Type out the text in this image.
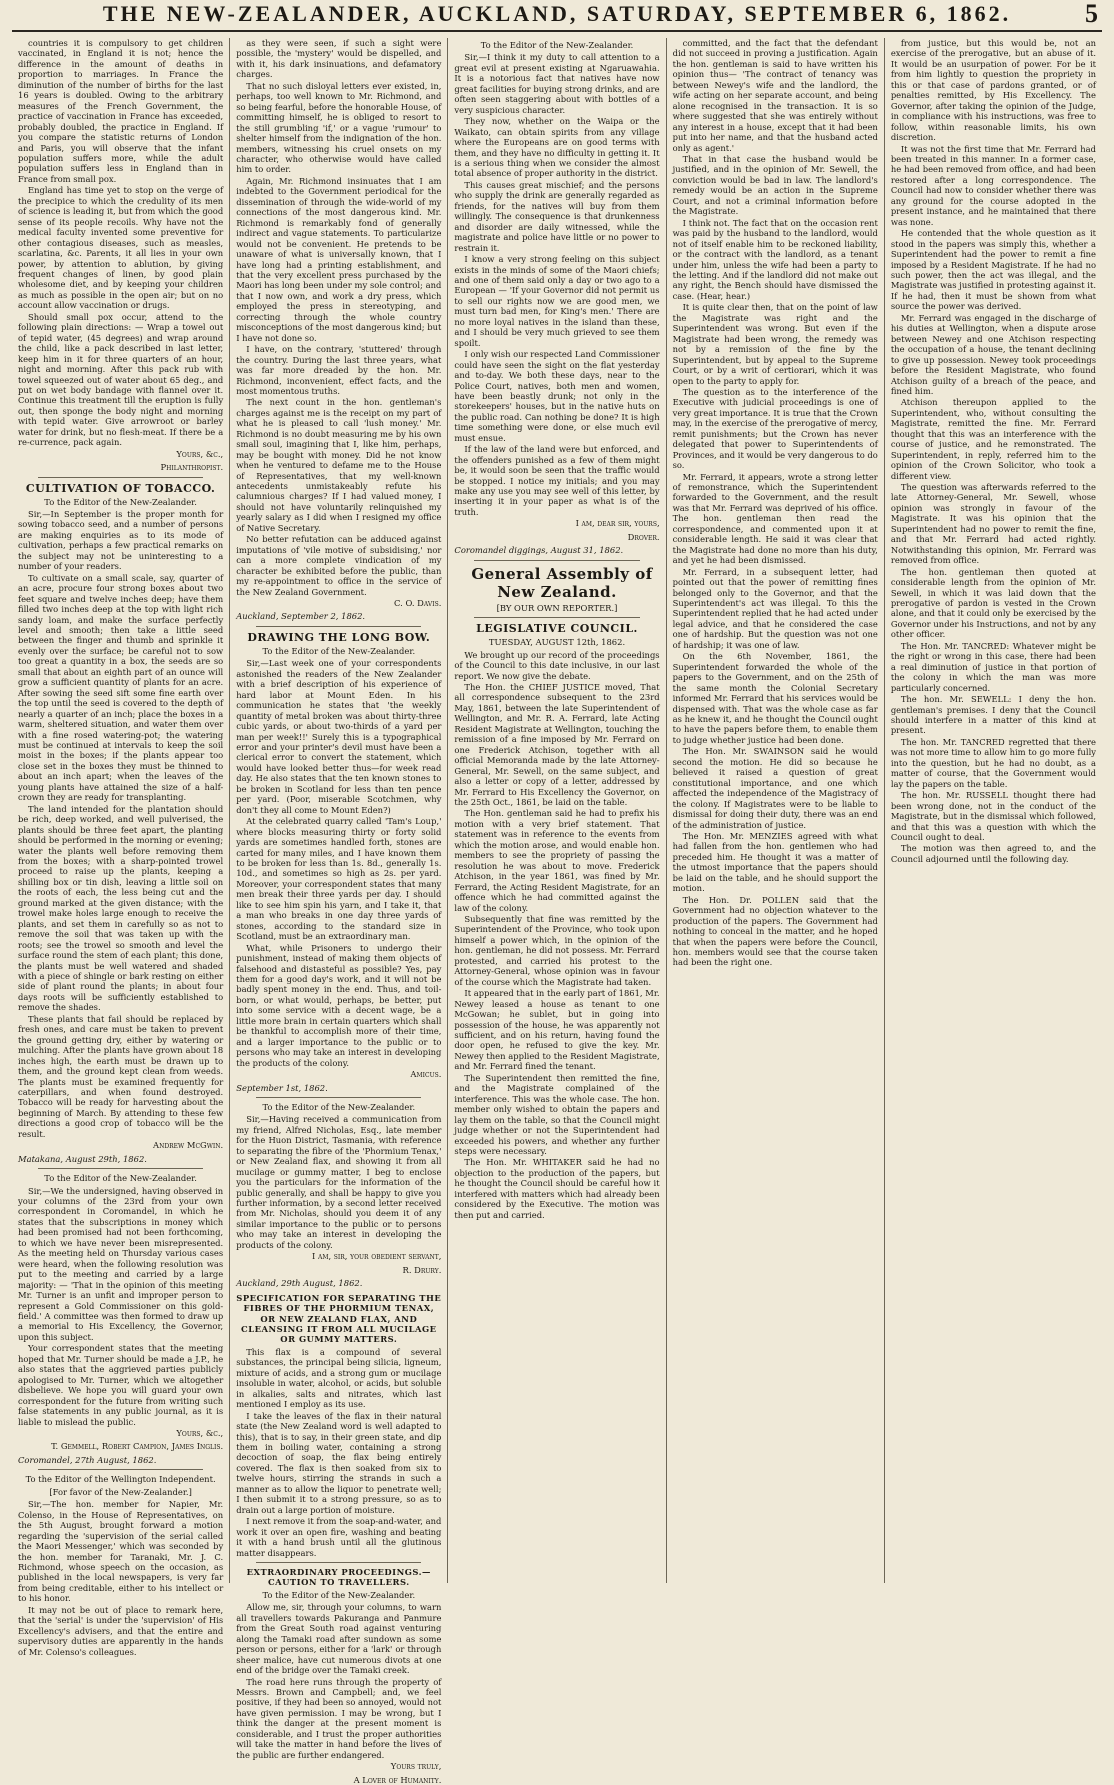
THE NEW-ZEALANDER, AUCKLAND, SATURDAY, SEPTEMBER 6, 1862.	5

countries it is compulsory to get children vaccinated, in England it is not; hence the difference in the amount of deaths in proportion to marriages. In France the diminution of the number of births for the last 16 years is doubled. Owing to the arbitrary measures of the French Government, the practice of vaccination in France has exceeded, probably doubled, the practice in England. If you compare the statistic returns of London and Paris, you will observe that the infant population suffers more, while the adult population suffers less in England than in France from small pox.

England has time yet to stop on the verge of the precipice to which the credulity of its men of science is leading it, but from which the good sense of its people recoils. Why have not the medical faculty invented some preventive for other contagious diseases, such as measles, scarlatina, &c. Parents, it all lies in your own power, by attention to ablution, by giving frequent changes of linen, by good plain wholesome diet, and by keeping your children as much as possible in the open air; but on no account allow vaccination or drugs.

Should small pox occur, attend to the following plain directions: — Wrap a towel out of tepid water, (45 degrees) and wrap around the child, like a pack described in last letter, keep him in it for three quarters of an hour, night and morning. After this pack rub with towel squeezed out of water about 65 deg., and put on wet body bandage with flannel over it. Continue this treatment till the eruption is fully out, then sponge the body night and morning with tepid water. Give arrowroot or barley water for drink, but no flesh-meat. If there be a re-currence, pack again.

Yours, &c.,

Philanthropist.

CULTIVATION OF TOBACCO.

To the Editor of the New-Zealander.

Sir,—In September is the proper month for sowing tobacco seed, and a number of persons are making enquiries as to its mode of cultivation, perhaps a few practical remarks on the subject may not be uninteresting to a number of your readers.

To cultivate on a small scale, say, quarter of an acre, procure four strong boxes about two feet square and twelve inches deep; have them filled two inches deep at the top with light rich sandy loam, and make the surface perfectly level and smooth; then take a little seed between the finger and thumb and sprinkle it evenly over the surface; be careful not to sow too great a quantity in a box, the seeds are so small that about an eighth part of an ounce will grow a sufficient quantity of plants for an acre. After sowing the seed sift some fine earth over the top until the seed is covered to the depth of nearly a quarter of an inch; place the boxes in a warm, sheltered situation, and water them over with a fine rosed watering-pot; the watering must be continued at intervals to keep the soil moist in the boxes; if the plants appear too close set in the boxes they must be thinned to about an inch apart; when the leaves of the young plants have attained the size of a half-crown they are ready for transplanting.

The land intended for the plantation should be rich, deep worked, and well pulverised, the plants should be three feet apart, the planting should be performed in the morning or evening; water the plants well before removing them from the boxes; with a sharp-pointed trowel proceed to raise up the plants, keeping a shilling box or tin dish, leaving a little soil on the roots of each, the less being cut and the ground marked at the given distance; with the trowel make holes large enough to receive the plants, and set them in carefully so as not to remove the soil that was taken up with the roots; see the trowel so smooth and level the surface round the stem of each plant; this done, the plants must be well watered and shaded with a piece of shingle or bark resting on either side of plant round the plants; in about four days roots will be sufficiently established to remove the shades.

These plants that fail should be replaced by fresh ones, and care must be taken to prevent the ground getting dry, either by watering or mulching. After the plants have grown about 18 inches high, the earth must be drawn up to them, and the ground kept clean from weeds. The plants must be examined frequently for caterpillars, and when found destroyed. Tobacco will be ready for harvesting about the beginning of March. By attending to these few directions a good crop of tobacco will be the result.

Andrew McGwin.

Matakana, August 29th, 1862.

To the Editor of the New-Zealander.

Sir,—We the undersigned, having observed in your columns of the 23rd from your own correspondent in Coromandel, in which he states that the subscriptions in money which had been promised had not been forthcoming, to which we have never been misrepresented. As the meeting held on Thursday various cases were heard, when the following resolution was put to the meeting and carried by a large majority: — 'That in the opinion of this meeting Mr. Turner is an unfit and improper person to represent a Gold Commissioner on this gold-field.' A committee was then formed to draw up a memorial to His Excellency, the Governor, upon this subject.

Your correspondent states that the meeting hoped that Mr. Turner should be made a J.P., he also states that the aggrieved parties publicly apologised to Mr. Turner, which we altogether disbelieve. We hope you will guard your own correspondent for the future from writing such false statements in any public journal, as it is liable to mislead the public.

Yours, &c.,

T. Gemmell, Robert Campion, James Inglis.

Coromandel, 27th August, 1862.

To the Editor of the Wellington Independent.

[For favor of the New-Zealander.]

Sir,—The hon. member for Napier, Mr. Colenso, in the House of Representatives, on the 5th August, brought forward a motion regarding the 'supervision of the serial called the Maori Messenger,' which was seconded by the hon. member for Taranaki, Mr. J. C. Richmond, whose speech on the occasion, as published in the local newspapers, is very far from being creditable, either to his intellect or to his honor.

It may not be out of place to remark here, that the 'serial' is under the 'supervision' of His Excellency's advisers, and that the entire and supervisory duties are apparently in the hands of Mr. Colenso's colleagues.

as they were seen, if such a sight were possible, the 'mystery' would be dispelled, and with it, his dark insinuations, and defamatory charges.

That no such disloyal letters ever existed, in, perhaps, too well known to Mr. Richmond, and so being fearful, before the honorable House, of committing himself, he is obliged to resort to the still grumbling 'if,' or a vague 'rumour' to shelter himself from the indignation of the hon. members, witnessing his cruel onsets on my character, who otherwise would have called him to order.

Again, Mr. Richmond insinuates that I am indebted to the Government periodical for the dissemination of through the wide-world of my connections of the most dangerous kind. Mr. Richmond is remarkably fond of generally indirect and vague statements. To particularize would not be convenient. He pretends to be unaware of what is universally known, that I have long had a printing establishment, and that the very excellent press purchased by the Maori has long been under my sole control; and that I now own, and work a dry press, which employed the press in stereotyping, and correcting through the whole country misconceptions of the most dangerous kind; but I have not done so.

I have, on the contrary, 'stuttered' through the country. During the last three years, what was far more dreaded by the hon. Mr. Richmond, inconvenient, effect facts, and the most momentous truths.

The next count in the hon. gentleman's charges against me is the receipt on my part of what he is pleased to call 'lush money.' Mr. Richmond is no doubt measuring me by his own small soul, imagining that I, like him, perhaps, may be bought with money. Did he not know when he ventured to defame me to the House of Representatives, that my well-known antecedents unmistakeably refute his calumnious charges? If I had valued money, I should not have voluntarily relinquished my yearly salary as I did when I resigned my office of Native Secretary.

No better refutation can be adduced against imputations of 'vile motive of subsidising,' nor can a more complete vindication of my character be exhibited before the public, than my re-appointment to office in the service of the New Zealand Government.

C. O. Davis.

Auckland, September 2, 1862.

DRAWING THE LONG BOW.

To the Editor of the New-Zealander.

Sir,—Last week one of your correspondents astonished the readers of the New Zealander with a brief description of his experience of hard labor at Mount Eden. In his communication he states that 'the weekly quantity of metal broken was about thirty-three cubic yards, or about two-thirds of a yard per man per week!!' Surely this is a typographical error and your printer's devil must have been a clerical error to convert the statement, which would have looked better thus—for week read day. He also states that the ten known stones to be broken in Scotland for less than ten pence per yard. (Poor, miserable Scotchmen, why don't they all come to Mount Eden?)

At the celebrated quarry called 'Tam's Loup,' where blocks measuring thirty or forty solid yards are sometimes handled forth, stones are carted for many miles, and I have known them to be broken for less than 1s. 8d., generally 1s. 10d., and sometimes so high as 2s. per yard. Moreover, your correspondent states that many men break their three yards per day. I should like to see him spin his yarn, and I take it, that a man who breaks in one day three yards of stones, according to the standard size in Scotland, must be an extraordinary man.

What, while Prisoners to undergo their punishment, instead of making them objects of falsehood and distasteful as possible? Yes, pay them for a good day's work, and it will not be badly spent money in the end. Thus, and toil-born, or what would, perhaps, be better, put into some service with a decent wage, be a little more brain in certain quarters which shall be thankful to accomplish more of their time, and a larger importance to the public or to persons who may take an interest in developing the products of the colony.

Amicus.

September 1st, 1862.

To the Editor of the New-Zealander.

Sir,—Having received a communication from my friend, Alfred Nicholas, Esq., late member for the Huon District, Tasmania, with reference to separating the fibre of the 'Phormium Tenax,' or New Zealand flax, and showing it from all mucilage or gummy matter, I beg to enclose you the particulars for the information of the public generally, and shall be happy to give you further information, by a second letter received from Mr. Nicholas, should you deem it of any similar importance to the public or to persons who may take an interest in developing the products of the colony.

I am, sir, your obedient servant,

R. Drury.

Auckland, 29th August, 1862.

SPECIFICATION FOR SEPARATING THE FIBRES OF THE PHORMIUM TENAX, OR NEW ZEALAND FLAX, AND CLEANSING IT FROM ALL MUCILAGE OR GUMMY MATTERS.

This flax is a compound of several substances, the principal being silicia, ligneum, mixture of acids, and a strong gum or mucilage insoluble in water, alcohol, or acids, but soluble in alkalies, salts and nitrates, which last mentioned I employ as its use.

I take the leaves of the flax in their natural state (the New Zealand word is well adapted to this), that is to say, in their green state, and dip them in boiling water, containing a strong decoction of soap, the flax being entirely covered. The flax is then soaked from six to twelve hours, stirring the strands in such a manner as to allow the liquor to penetrate well; I then submit it to a strong pressure, so as to drain out a large portion of moisture.

I next remove it from the soap-and-water, and work it over an open fire, washing and beating it with a hand brush until all the glutinous matter disappears.

EXTRAORDINARY PROCEEDINGS.—CAUTION TO TRAVELLERS.

To the Editor of the New-Zealander.

Allow me, sir, through your columns, to warn all travellers towards Pakuranga and Panmure from the Great South road against venturing along the Tamaki road after sundown as some person or persons, either for a 'lark' or through sheer malice, have cut numerous divots at one end of the bridge over the Tamaki creek.

The road here runs through the property of Messrs. Brown and Campbell; and, we feel positive, if they had been so annoyed, would not have given permission. I may be wrong, but I think the danger at the present moment is considerable, and I trust the proper authorities will take the matter in hand before the lives of the public are further endangered.

Yours truly,

A Lover of Humanity.

To the Editor of the New-Zealander.

Sir,—I think it my duty to call attention to a great evil at present existing at Ngaruawahia. It is a notorious fact that natives have now great facilities for buying strong drinks, and are often seen staggering about with bottles of a very suspicious character.

They now, whether on the Waipa or the Waikato, can obtain spirits from any village where the Europeans are on good terms with them, and they have no difficulty in getting it. It is a serious thing when we consider the almost total absence of proper authority in the district.

This causes great mischief; and the persons who supply the drink are generally regarded as friends, for the natives will buy from them willingly. The consequence is that drunkenness and disorder are daily witnessed, while the magistrate and police have little or no power to restrain it.

I know a very strong feeling on this subject exists in the minds of some of the Maori chiefs; and one of them said only a day or two ago to a European — 'If your Governor did not permit us to sell our rights now we are good men, we must turn bad men, for King's men.' There are no more loyal natives in the island than these, and I should be very much grieved to see them spoilt.

I only wish our respected Land Commissioner could have seen the sight on the flat yesterday and to-day. We both these days, near to the Police Court, natives, both men and women, have been beastly drunk; not only in the storekeepers' houses, but in the native huts on the public road. Can nothing be done? It is high time something were done, or else much evil must ensue.

If the law of the land were but enforced, and the offenders punished as a few of them might be, it would soon be seen that the traffic would be stopped. I notice my initials; and you may make any use you may see well of this letter, by inserting it in your paper as what is of the truth.

I am, dear sir, yours,

Drover.

Coromandel diggings, August 31, 1862.

General Assembly of New Zealand.

[BY OUR OWN REPORTER.]

LEGISLATIVE COUNCIL.

TUESDAY, AUGUST 12th, 1862.

We brought up our record of the proceedings of the Council to this date inclusive, in our last report. We now give the debate.

The Hon. the CHIEF JUSTICE moved, That all correspondence subsequent to the 23rd May, 1861, between the late Superintendent of Wellington, and Mr. R. A. Ferrard, late Acting Resident Magistrate at Wellington, touching the remission of a fine imposed by Mr. Ferrard on one Frederick Atchison, together with all official Memoranda made by the late Attorney-General, Mr. Sewell, on the same subject, and also a letter or copy of a letter, addressed by Mr. Ferrard to His Excellency the Governor, on the 25th Oct., 1861, be laid on the table.

The Hon. gentleman said he had to prefix his motion with a very brief statement. That statement was in reference to the events from which the motion arose, and would enable hon. members to see the propriety of passing the resolution he was about to move. Frederick Atchison, in the year 1861, was fined by Mr. Ferrard, the Acting Resident Magistrate, for an offence which he had committed against the law of the colony.

Subsequently that fine was remitted by the Superintendent of the Province, who took upon himself a power which, in the opinion of the hon. gentleman, he did not possess. Mr. Ferrard protested, and carried his protest to the Attorney-General, whose opinion was in favour of the course which the Magistrate had taken.

It appeared that in the early part of 1861, Mr. Newey leased a house as tenant to one McGowan; he sublet, but in going into possession of the house, he was apparently not sufficient, and on his return, having found the door open, he refused to give the key. Mr. Newey then applied to the Resident Magistrate, and Mr. Ferrard fined the tenant.

The Superintendent then remitted the fine, and the Magistrate complained of the interference. This was the whole case. The hon. member only wished to obtain the papers and lay them on the table, so that the Council might judge whether or not the Superintendent had exceeded his powers, and whether any further steps were necessary.

The Hon. Mr. WHITAKER said he had no objection to the production of the papers, but he thought the Council should be careful how it interfered with matters which had already been considered by the Executive. The motion was then put and carried.

committed, and the fact that the defendant did not succeed in proving a justification. Again the hon. gentleman is said to have written his opinion thus— 'The contract of tenancy was between Newey's wife and the landlord, the wife acting on her separate account, and being alone recognised in the transaction. It is so where suggested that she was entirely without any interest in a house, except that it had been put into her name, and that the husband acted only as agent.'

That in that case the husband would be justified, and in the opinion of Mr. Sewell, the conviction would be bad in law. The landlord's remedy would be an action in the Supreme Court, and not a criminal information before the Magistrate.

I think not. The fact that on the occasion rent was paid by the husband to the landlord, would not of itself enable him to be reckoned liability, or the contract with the landlord, as a tenant under him, unless the wife had been a party to the letting. And if the landlord did not make out any right, the Bench should have dismissed the case. (Hear, hear.)

It is quite clear then, that on the point of law the Magistrate was right and the Superintendent was wrong. But even if the Magistrate had been wrong, the remedy was not by a remission of the fine by the Superintendent, but by appeal to the Supreme Court, or by a writ of certiorari, which it was open to the party to apply for.

The question as to the interference of the Executive with judicial proceedings is one of very great importance. It is true that the Crown may, in the exercise of the prerogative of mercy, remit punishments; but the Crown has never delegated that power to Superintendents of Provinces, and it would be very dangerous to do so.

Mr. Ferrard, it appears, wrote a strong letter of remonstrance, which the Superintendent forwarded to the Government, and the result was that Mr. Ferrard was deprived of his office. The hon. gentleman then read the correspondence, and commented upon it at considerable length. He said it was clear that the Magistrate had done no more than his duty, and yet he had been dismissed.

Mr. Ferrard, in a subsequent letter, had pointed out that the power of remitting fines belonged only to the Governor, and that the Superintendent's act was illegal. To this the Superintendent replied that he had acted under legal advice, and that he considered the case one of hardship. But the question was not one of hardship; it was one of law.

On the 6th November, 1861, the Superintendent forwarded the whole of the papers to the Government, and on the 25th of the same month the Colonial Secretary informed Mr. Ferrard that his services would be dispensed with. That was the whole case as far as he knew it, and he thought the Council ought to have the papers before them, to enable them to judge whether justice had been done.

The Hon. Mr. SWAINSON said he would second the motion. He did so because he believed it raised a question of great constitutional importance, and one which affected the independence of the Magistracy of the colony. If Magistrates were to be liable to dismissal for doing their duty, there was an end of the administration of justice.

The Hon. Mr. MENZIES agreed with what had fallen from the hon. gentlemen who had preceded him. He thought it was a matter of the utmost importance that the papers should be laid on the table, and he should support the motion.

The Hon. Dr. POLLEN said that the Government had no objection whatever to the production of the papers. The Government had nothing to conceal in the matter, and he hoped that when the papers were before the Council, hon. members would see that the course taken had been the right one.

from justice, but this would be, not an exercise of the prerogative, but an abuse of it. It would be an usurpation of power. For be it from him lightly to question the propriety in this or that case of pardons granted, or of penalties remitted, by His Excellency. The Governor, after taking the opinion of the Judge, in compliance with his instructions, was free to follow, within reasonable limits, his own discretion.

It was not the first time that Mr. Ferrard had been treated in this manner. In a former case, he had been removed from office, and had been restored after a long correspondence. The Council had now to consider whether there was any ground for the course adopted in the present instance, and he maintained that there was none.

He contended that the whole question as it stood in the papers was simply this, whether a Superintendent had the power to remit a fine imposed by a Resident Magistrate. If he had no such power, then the act was illegal, and the Magistrate was justified in protesting against it. If he had, then it must be shown from what source the power was derived.

Mr. Ferrard was engaged in the discharge of his duties at Wellington, when a dispute arose between Newey and one Atchison respecting the occupation of a house, the tenant declining to give up possession. Newey took proceedings before the Resident Magistrate, who found Atchison guilty of a breach of the peace, and fined him.

Atchison thereupon applied to the Superintendent, who, without consulting the Magistrate, remitted the fine. Mr. Ferrard thought that this was an interference with the course of justice, and he remonstrated. The Superintendent, in reply, referred him to the opinion of the Crown Solicitor, who took a different view.

The question was afterwards referred to the late Attorney-General, Mr. Sewell, whose opinion was strongly in favour of the Magistrate. It was his opinion that the Superintendent had no power to remit the fine, and that Mr. Ferrard had acted rightly. Notwithstanding this opinion, Mr. Ferrard was removed from office.

The hon. gentleman then quoted at considerable length from the opinion of Mr. Sewell, in which it was laid down that the prerogative of pardon is vested in the Crown alone, and that it could only be exercised by the Governor under his Instructions, and not by any other officer.

The Hon. Mr. TANCRED: Whatever might be the right or wrong in this case, there had been a real diminution of justice in that portion of the colony in which the man was more particularly concerned.

The hon. Mr. SEWELL: I deny the hon. gentleman's premises. I deny that the Council should interfere in a matter of this kind at present.

The hon. Mr. TANCRED regretted that there was not more time to allow him to go more fully into the question, but he had no doubt, as a matter of course, that the Government would lay the papers on the table.

The hon. Mr. RUSSELL thought there had been wrong done, not in the conduct of the Magistrate, but in the dismissal which followed, and that this was a question with which the Council ought to deal.

The motion was then agreed to, and the Council adjourned until the following day.
